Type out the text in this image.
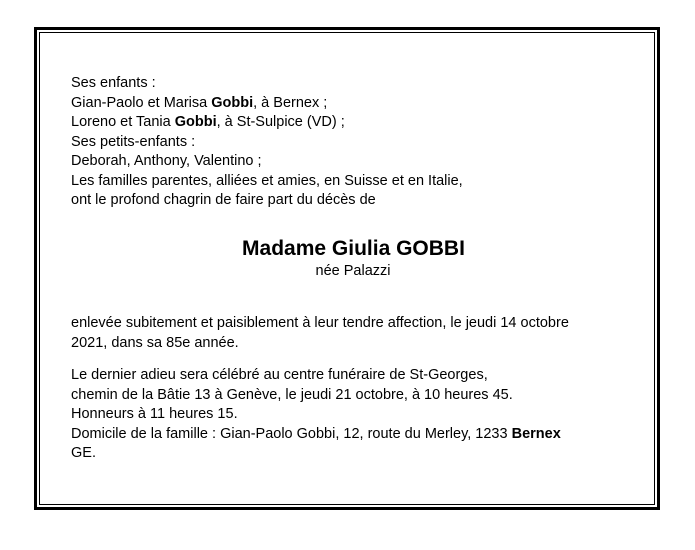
Ses enfants :
Gian-Paolo et Marisa Gobbi, à Bernex ;
Loreno et Tania Gobbi, à St-Sulpice (VD) ;
Ses petits-enfants :
Deborah, Anthony, Valentino ;
Les familles parentes, alliées et amies, en Suisse et en Italie,
ont le profond chagrin de faire part du décès de
Madame Giulia GOBBI
née Palazzi
enlevée subitement et paisiblement à leur tendre affection, le jeudi 14 octobre
2021, dans sa 85e année.
Le dernier adieu sera célébré au centre funéraire de St-Georges,
chemin de la Bâtie 13 à Genève, le jeudi 21 octobre, à 10 heures 45.
Honneurs à 11 heures 15.
Domicile de la famille : Gian-Paolo Gobbi, 12, route du Merley, 1233 Bernex
GE.
